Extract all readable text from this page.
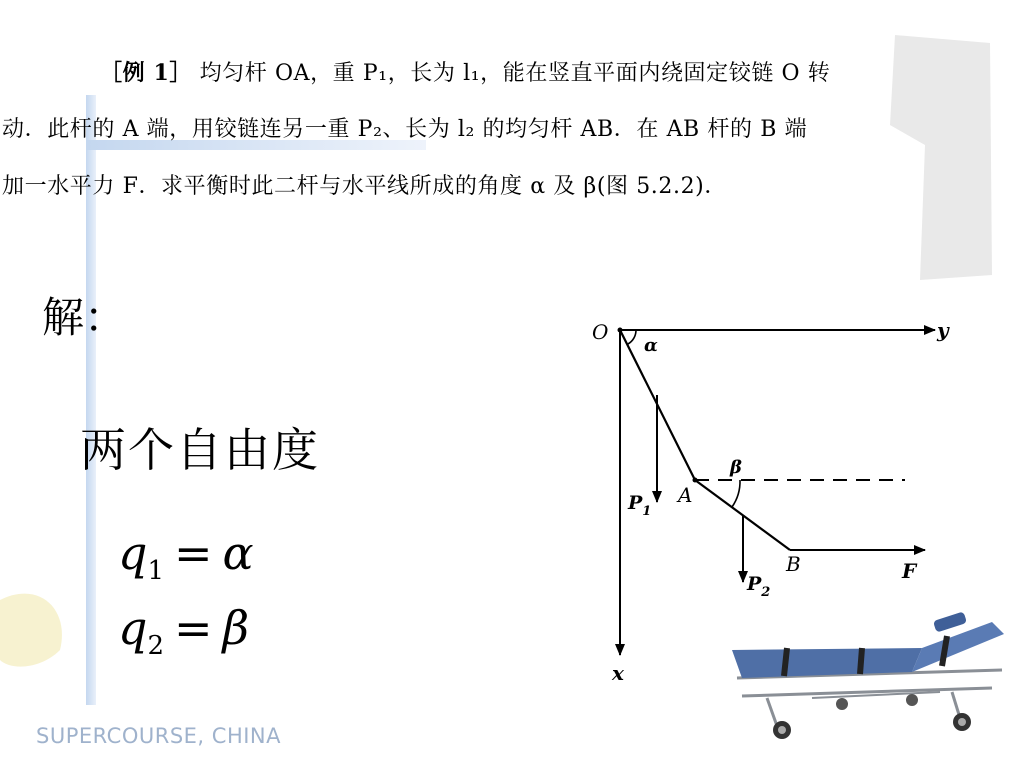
［例 1］ 均匀杆 OA，重 P₁，长为 l₁，能在竖直平面内绕固定铰链 O 转

动．此杆的 A 端，用铰链连另一重 P₂、长为 l₂ 的均匀杆 AB．在 AB 杆的 B 端

加一水平力 F．求平衡时此二杆与水平线所成的角度 α 及 β(图 5.2.2)．

解：
两个自由度
$q_1 = \alpha$
$q_2 = \beta$
O
α
y
β
A
$P_1$
$P_2$
B	F
x
SUPERCOURSE, CHINA
